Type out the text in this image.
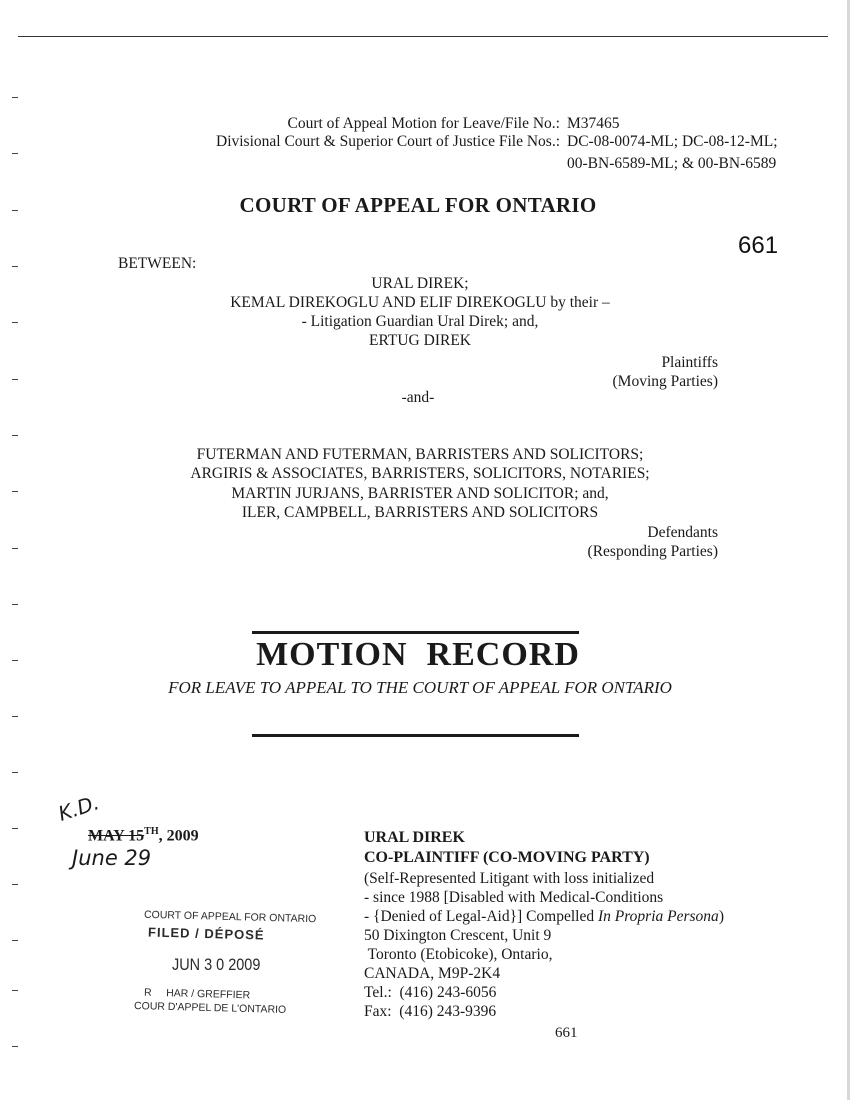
Court of Appeal Motion for Leave/File No.: M37465
Divisional Court & Superior Court of Justice File Nos.: DC-08-0074-ML; DC-08-12-ML;
00-BN-6589-ML; & 00-BN-6589
COURT OF APPEAL FOR ONTARIO
661
BETWEEN:
URAL DIREK;
KEMAL DIREKOGLU AND ELIF DIREKOGLU by their –
- Litigation Guardian Ural Direk; and,
ERTUG DIREK
Plaintiffs
(Moving Parties)
-and-
FUTERMAN AND FUTERMAN, BARRISTERS AND SOLICITORS;
ARGIRIS & ASSOCIATES, BARRISTERS, SOLICITORS, NOTARIES;
MARTIN JURJANS, BARRISTER AND SOLICITOR; and,
ILER, CAMPBELL, BARRISTERS AND SOLICITORS
Defendants
(Responding Parties)
MOTION  RECORD
FOR LEAVE TO APPEAL TO THE COURT OF APPEAL FOR ONTARIO
K.D.
MAY 15TH, 2009
June 29
COURT OF APPEAL FOR ONTARIO
FILED / DÉPOSÉ
JUN 3 0 2009
R     HAR / GREFFIER
COUR D'APPEL DE L'ONTARIO
URAL DIREK
CO-PLAINTIFF (CO-MOVING PARTY)
(Self-Represented Litigant with loss initialized
- since 1988 [Disabled with Medical-Conditions
- {Denied of Legal-Aid}] Compelled In Propria Persona)
50 Dixington Crescent, Unit 9
Toronto (Etobicoke), Ontario,
CANADA, M9P-2K4
Tel.:  (416) 243-6056
Fax:  (416) 243-9396
661
